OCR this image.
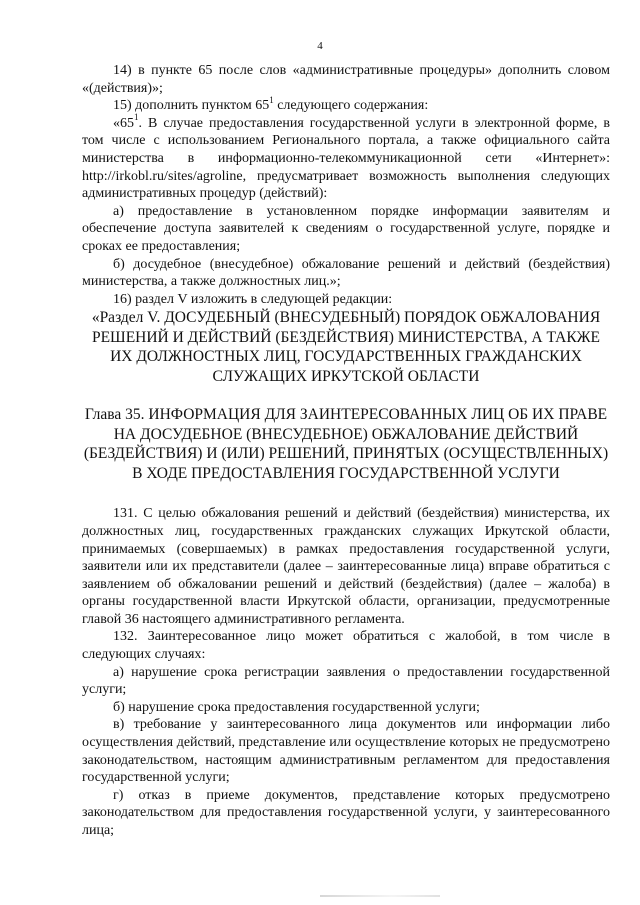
4

14) в пункте 65 после слов «административные процедуры» дополнить словом «(действия)»;

15) дополнить пунктом $65^1$ следующего содержания:

«$65^1$. В случае предоставления государственной услуги в электронной форме, в том числе с использованием Регионального портала, а также официального сайта министерства в информационно-телекоммуникационной сети «Интернет»: http://irkobl.ru/sites/agroline, предусматривает возможность выполнения следующих административных процедур (действий):

а) предоставление в установленном порядке информации заявителям и обеспечение доступа заявителей к сведениям о государственной услуге, порядке и сроках ее предоставления;

б) досудебное (внесудебное) обжалование решений и действий (бездействия) министерства, а также должностных лиц.»;

16) раздел V изложить в следующей редакции:

«Раздел V. ДОСУДЕБНЫЙ (ВНЕСУДЕБНЫЙ) ПОРЯДОК ОБЖАЛОВАНИЯ РЕШЕНИЙ И ДЕЙСТВИЙ (БЕЗДЕЙСТВИЯ) МИНИСТЕРСТВА, А ТАКЖЕ ИХ ДОЛЖНОСТНЫХ ЛИЦ, ГОСУДАРСТВЕННЫХ ГРАЖДАНСКИХ СЛУЖАЩИХ ИРКУТСКОЙ ОБЛАСТИ

Глава 35. ИНФОРМАЦИЯ ДЛЯ ЗАИНТЕРЕСОВАННЫХ ЛИЦ ОБ ИХ ПРАВЕ НА ДОСУДЕБНОЕ (ВНЕСУДЕБНОЕ) ОБЖАЛОВАНИЕ ДЕЙСТВИЙ (БЕЗДЕЙСТВИЯ) И (ИЛИ) РЕШЕНИЙ, ПРИНЯТЫХ (ОСУЩЕСТВЛЕННЫХ) В ХОДЕ ПРЕДОСТАВЛЕНИЯ ГОСУДАРСТВЕННОЙ УСЛУГИ

131. С целью обжалования решений и действий (бездействия) министерства, их должностных лиц, государственных гражданских служащих Иркутской области, принимаемых (совершаемых) в рамках предоставления государственной услуги, заявители или их представители (далее – заинтересованные лица) вправе обратиться с заявлением об обжаловании решений и действий (бездействия) (далее – жалоба) в органы государственной власти Иркутской области, организации, предусмотренные главой 36 настоящего административного регламента.

132. Заинтересованное лицо может обратиться с жалобой, в том числе в следующих случаях:

а) нарушение срока регистрации заявления о предоставлении государственной услуги;

б) нарушение срока предоставления государственной услуги;

в) требование у заинтересованного лица документов или информации либо осуществления действий, представление или осуществление которых не предусмотрено законодательством, настоящим административным регламентом для предоставления государственной услуги;

г) отказ в приеме документов, представление которых предусмотрено законодательством для предоставления государственной услуги, у заинтересованного лица;
